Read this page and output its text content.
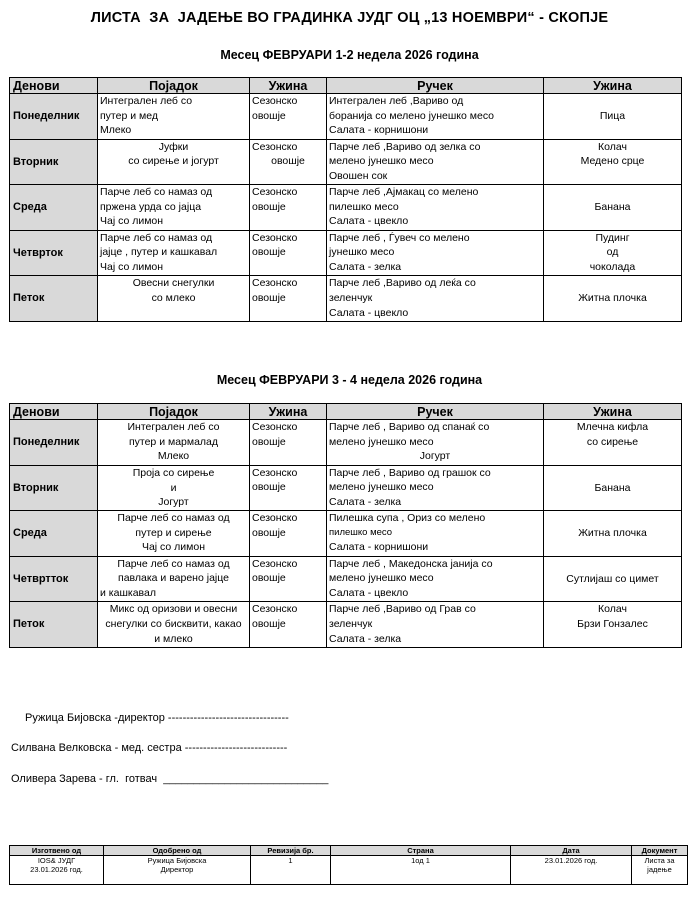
ЛИСТА  ЗА  ЈАДЕЊЕ ВО ГРАДИНКА ЈУДГ ОЦ „13 НОЕМВРИ“ - СКОПЈЕ
Месец ФЕВРУАРИ 1-2 недела 2026 година
Денови	Појадок	Ужина	Ручек	Ужина
Понеделник	Интегрален леб со
путер и мед
Млеко	Сезонско
овошје	Интегрален леб ,Вариво од
боранија со мелено јунешко месо
Салата - корнишони	Пица

Вторник	Јуфки
со сирење и јогурт	Сезонско
овошје	Парче леб ,Вариво од зелка со
мелено јунешко месо
Овошен сок	Колач
Медено срце

Среда	Парче леб со намаз од
пржена урда со јајца
Чај со лимон	Сезонско
овошје	Парче леб ,Ајмакац со мелено
пилешко месо
Салата - цвекло	Банана

Четврток	Парче леб со намаз од
јајце , путер и кашкавал
Чај со лимон	Сезонско
овошје	Парче леб , Ѓувеч со мелено
јунешко месо
Салата - зелка	Пудинг
од
чоколада

Петок	Овесни снегулки
со млеко	Сезонско
овошје	Парче леб ,Вариво од леќа со
зеленчук
Салата - цвекло	Житна плочка
Месец ФЕВРУАРИ 3 - 4 недела 2026 година
Денови	Појадок	Ужина	Ручек	Ужина
Понеделник	Интегрален леб со
путер и мармалад
Млеко	Сезонско
овошје	Парче леб , Вариво од спанаќ со
мелено јунешко месо
Јогурт	Млечна кифла
со сирење

Вторник	Проја со сирење
и
Јогурт	Сезонско
овошје	Парче леб , Вариво од грашок со
мелено јунешко месо
Салата - зелка	Банана

Среда	Парче леб со намаз од
путер и сирење
Чај со лимон	Сезонско
овошје	Пилешка супа , Ориз со мелено
пилешко месо
Салата - корнишони	Житна плочка

Четвртток	Парче леб со намаз од
павлака и варено јајце
и кашкавал	Сезонско
овошје	Парче леб , Македонска јанија со
мелено јунешко месо
Салата - цвекло	Сутлијаш со цимет

Петок	Микс од оризови и овесни
снегулки со бисквити, какао
и млеко	Сезонско
овошје	Парче леб ,Вариво од Грав со
зеленчук
Салата - зелка	Колач
Брзи Гонзалес
Ружица Бијовска -директор ---------------------------------
Силвана Велковска - мед. сестра ----------------------------
Оливера Зарева - гл.  готвач  ___________________________
Изготвено од	Одобрено од	Ревизија бр.	Страна	Дата	Документ

IOS& ЈУДГ
23.01.2026 год.	Ружица Бијовска
Директор	1	1од 1	23.01.2026 год.	Листа за
јадење
